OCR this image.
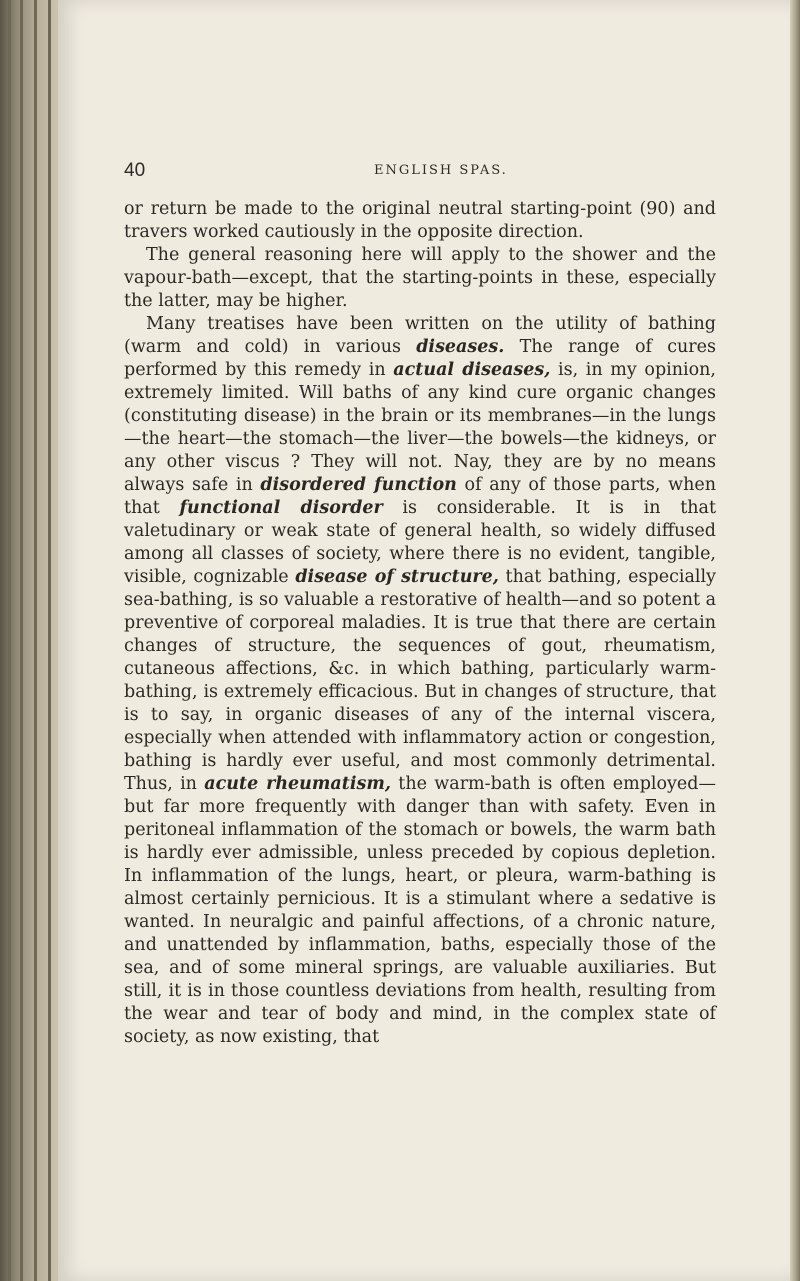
40	ENGLISH SPAS.

or return be made to the original neutral starting-point (90) and travers worked cautiously in the opposite direction.

The general reasoning here will apply to the shower and the vapour-bath—except, that the starting-points in these, especially the latter, may be higher.

Many treatises have been written on the utility of bathing (warm and cold) in various diseases. The range of cures performed by this remedy in actual diseases, is, in my opinion, extremely limited. Will baths of any kind cure organic changes (constituting disease) in the brain or its membranes—in the lungs —the heart—the stomach—the liver—the bowels—the kidneys, or any other viscus ? They will not. Nay, they are by no means always safe in disordered function of any of those parts, when that functional disorder is considerable. It is in that valetudinary or weak state of general health, so widely diffused among all classes of society, where there is no evident, tangible, visible, cognizable disease of structure, that bathing, especially sea-bathing, is so valuable a restorative of health—and so potent a preventive of corporeal maladies. It is true that there are certain changes of structure, the sequences of gout, rheumatism, cutaneous affections, &c. in which bathing, particularly warm-bathing, is extremely efficacious. But in changes of structure, that is to say, in organic diseases of any of the internal viscera, especially when attended with inflammatory action or congestion, bathing is hardly ever useful, and most commonly detrimental. Thus, in acute rheumatism, the warm-bath is often employed—but far more frequently with danger than with safety. Even in peritoneal inflammation of the stomach or bowels, the warm bath is hardly ever admissible, unless preceded by copious depletion. In inflammation of the lungs, heart, or pleura, warm-bathing is almost certainly pernicious. It is a stimulant where a sedative is wanted. In neuralgic and painful affections, of a chronic nature, and unattended by inflammation, baths, especially those of the sea, and of some mineral springs, are valuable auxiliaries. But still, it is in those countless deviations from health, resulting from the wear and tear of body and mind, in the complex state of society, as now existing, that
